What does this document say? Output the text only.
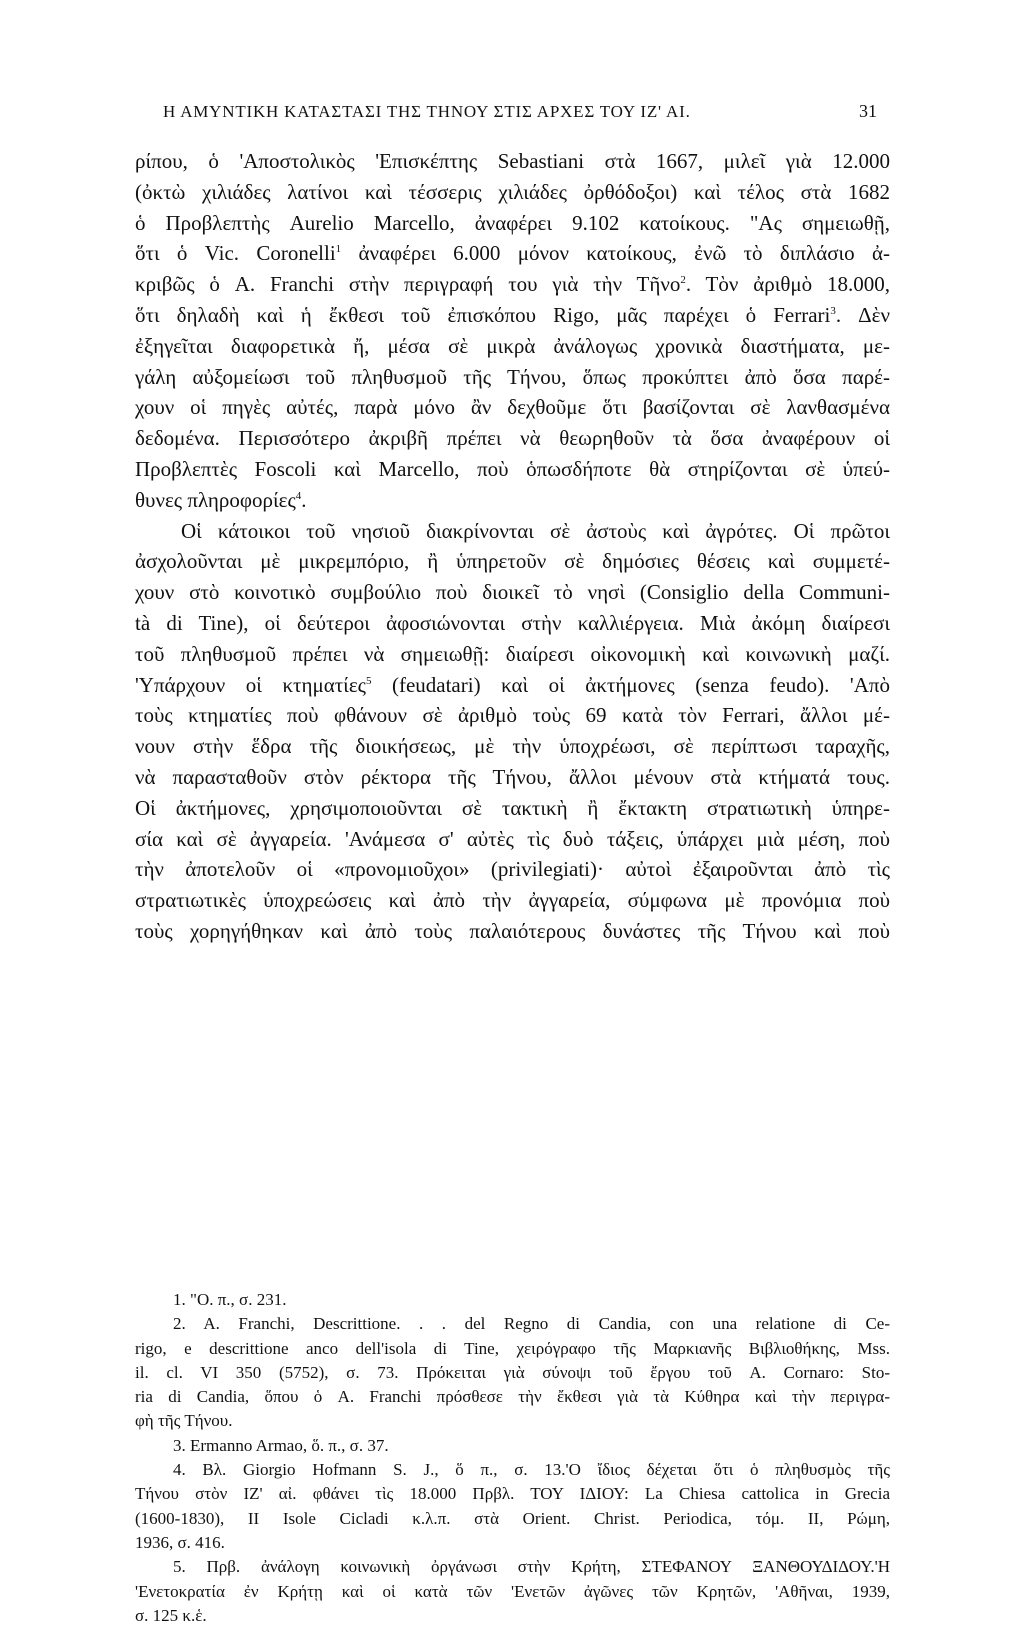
Η ΑΜΥΝΤΙΚΗ ΚΑΤΑΣΤΑΣΙ ΤΗΣ ΤΗΝΟΥ ΣΤΙΣ ΑΡΧΕΣ ΤΟΥ ΙΖ' ΑΙ.	31

ρίπου, ὁ 'Αποστολικὸς 'Επισκέπτης Sebastiani στὰ 1667, μιλεῖ γιὰ 12.000
(ὀκτὼ χιλιάδες λατίνοι καὶ τέσσερις χιλιάδες ὀρθόδοξοι) καὶ τέλος στὰ 1682
ὁ Προβλεπτὴς Aurelio Marcello, ἀναφέρει 9.102 κατοίκους. "Ας σημειωθῇ,
ὅτι ὁ Vic. Coronelli$^1$ ἀναφέρει 6.000 μόνον κατοίκους, ἐνῶ τὸ διπλάσιο ἀ-
κριβῶς ὁ A. Franchi στὴν περιγραφή του γιὰ τὴν Τῆνο$^2$. Τὸν ἀριθμὸ 18.000,
ὅτι δηλαδὴ καὶ ἡ ἔκθεσι τοῦ ἐπισκόπου Rigo, μᾶς παρέχει ὁ Ferrari$^3$. Δὲν
ἐξηγεῖται διαφορετικὰ ἤ, μέσα σὲ μικρὰ ἀνάλογως χρονικὰ διαστήματα, με-
γάλη αὐξομείωσι τοῦ πληθυσμοῦ τῆς Τήνου, ὅπως προκύπτει ἀπὸ ὅσα παρέ-
χουν οἱ πηγὲς αὐτές, παρὰ μόνο ἂν δεχθοῦμε ὅτι βασίζονται σὲ λανθασμένα
δεδομένα. Περισσότερο ἀκριβῆ πρέπει νὰ θεωρηθοῦν τὰ ὅσα ἀναφέρουν οἱ
Προβλεπτὲς Foscoli καὶ Marcello, ποὺ ὁπωσδήποτε θὰ στηρίζονται σὲ ὑπεύ-
θυνες πληροφορίες$^4$.

Οἱ κάτοικοι τοῦ νησιοῦ διακρίνονται σὲ ἀστοὺς καὶ ἀγρότες. Οἱ πρῶτοι
ἀσχολοῦνται μὲ μικρεμπόριο, ἢ ὑπηρετοῦν σὲ δημόσιες θέσεις καὶ συμμετέ-
χουν στὸ κοινοτικὸ συμβούλιο ποὺ διοικεῖ τὸ νησὶ (Consiglio della Communi-
tà di Tine), οἱ δεύτεροι ἀφοσιώνονται στὴν καλλιέργεια. Μιὰ ἀκόμη διαίρεσι
τοῦ πληθυσμοῦ πρέπει νὰ σημειωθῇ: διαίρεσι οἰκονομικὴ καὶ κοινωνικὴ μαζί.
'Υπάρχουν οἱ κτηματίες$^5$ (feudatari) καὶ οἱ ἀκτήμονες (senza feudo). 'Απὸ
τοὺς κτηματίες ποὺ φθάνουν σὲ ἀριθμὸ τοὺς 69 κατὰ τὸν Ferrari, ἄλλοι μέ-
νουν στὴν ἕδρα τῆς διοικήσεως, μὲ τὴν ὑποχρέωσι, σὲ περίπτωσι ταραχῆς,
νὰ παρασταθοῦν στὸν ρέκτορα τῆς Τήνου, ἄλλοι μένουν στὰ κτήματά τους.
Οἱ ἀκτήμονες, χρησιμοποιοῦνται σὲ τακτικὴ ἢ ἔκτακτη στρατιωτικὴ ὑπηρε-
σία καὶ σὲ ἀγγαρεία. 'Ανάμεσα σ' αὐτὲς τὶς δυὸ τάξεις, ὑπάρχει μιὰ μέση, ποὺ
τὴν ἀποτελοῦν οἱ «προνομιοῦχοι» (privilegiati)· αὐτοὶ ἐξαιροῦνται ἀπὸ τὶς
στρατιωτικὲς ὑποχρεώσεις καὶ ἀπὸ τὴν ἀγγαρεία, σύμφωνα μὲ προνόμια ποὺ
τοὺς χορηγήθηκαν καὶ ἀπὸ τοὺς παλαιότερους δυνάστες τῆς Τήνου καὶ ποὺ

1. "Ο. π., σ. 231.
2. A. Franchi, Descrittione. . . del Regno di Candia, con una relatione di Ce-
rigo, e descrittione anco dell'isola di Tine, χειρόγραφο τῆς Μαρκιανῆς Βιβλιοθήκης, Mss.
il. cl. VI 350 (5752), σ. 73. Πρόκειται γιὰ σύνοψι τοῦ ἔργου τοῦ A. Cornaro: Sto-
ria di Candia, ὅπου ὁ A. Franchi πρόσθεσε τὴν ἔκθεσι γιὰ τὰ Κύθηρα καὶ τὴν περιγρα-
φὴ τῆς Τήνου.
3. Ermanno Armao, ὅ. π., σ. 37.
4. Βλ. Giorgio Hofmann S. J., ὅ π., σ. 13.'Ο ἴδιος δέχεται ὅτι ὁ πληθυσμὸς τῆς
Τήνου στὸν ΙΖ' αἰ. φθάνει τὶς 18.000 Πρβλ. ΤΟΥ ΙΔΙΟΥ: La Chiesa cattolica in Grecia
(1600-1830), II Isole Cicladi κ.λ.π. στὰ Orient. Christ. Periodica, τόμ. II, Ρώμη,
1936, σ. 416.
5. Πρβ. ἀνάλογη κοινωνικὴ ὀργάνωσι στὴν Κρήτη, ΣΤΕΦΑΝΟΥ ΞΑΝΘΟΥΔΙΔΟΥ.'Η
'Ενετοκρατία ἐν Κρήτῃ καὶ οἱ κατὰ τῶν 'Ενετῶν ἀγῶνες τῶν Κρητῶν, 'Αθῆναι, 1939,
σ. 125 κ.ἑ.
